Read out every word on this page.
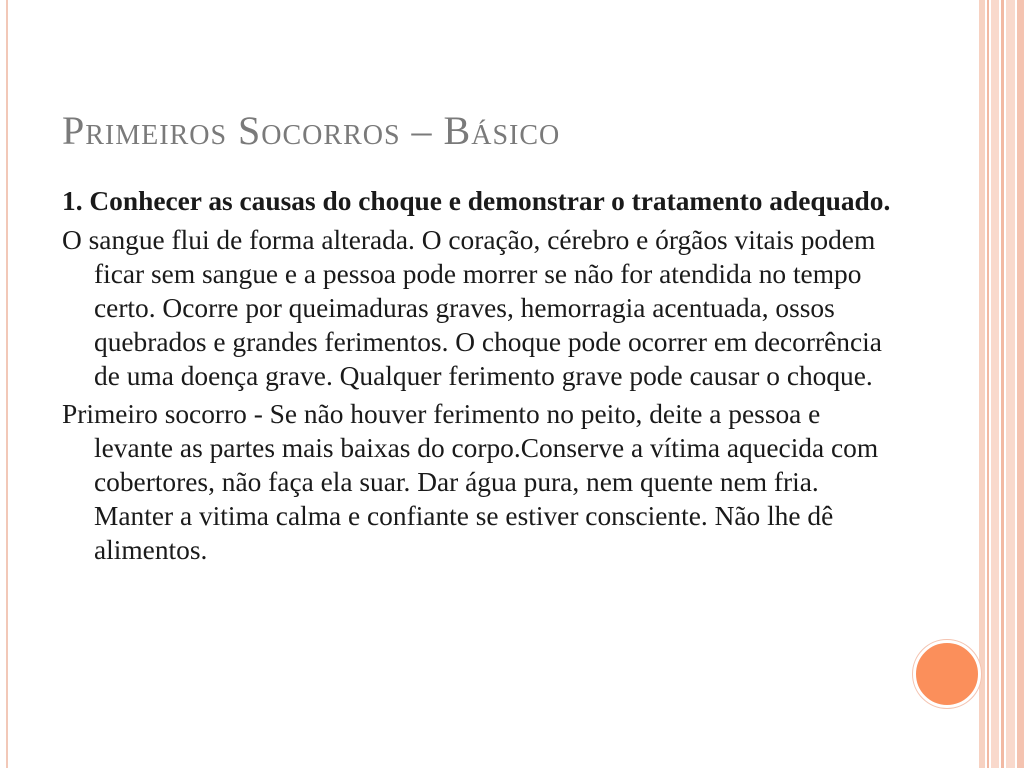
Primeiros Socorros – Básico

1. Conhecer as causas do choque e demonstrar o tratamento adequado.

O sangue flui de forma alterada. O coração, cérebro e órgãos vitais podem ficar sem sangue e a pessoa pode morrer se não for atendida no tempo certo. Ocorre por queimaduras graves, hemorragia acentuada, ossos quebrados e grandes ferimentos. O choque pode ocorrer em decorrência de uma doença grave. Qualquer ferimento grave pode causar o choque.

Primeiro socorro - Se não houver ferimento no peito, deite a pessoa e levante as partes mais baixas do corpo.Conserve a vítima aquecida com cobertores, não faça ela suar. Dar água pura, nem quente nem fria. Manter a vitima calma e confiante se estiver consciente. Não lhe dê alimentos.
